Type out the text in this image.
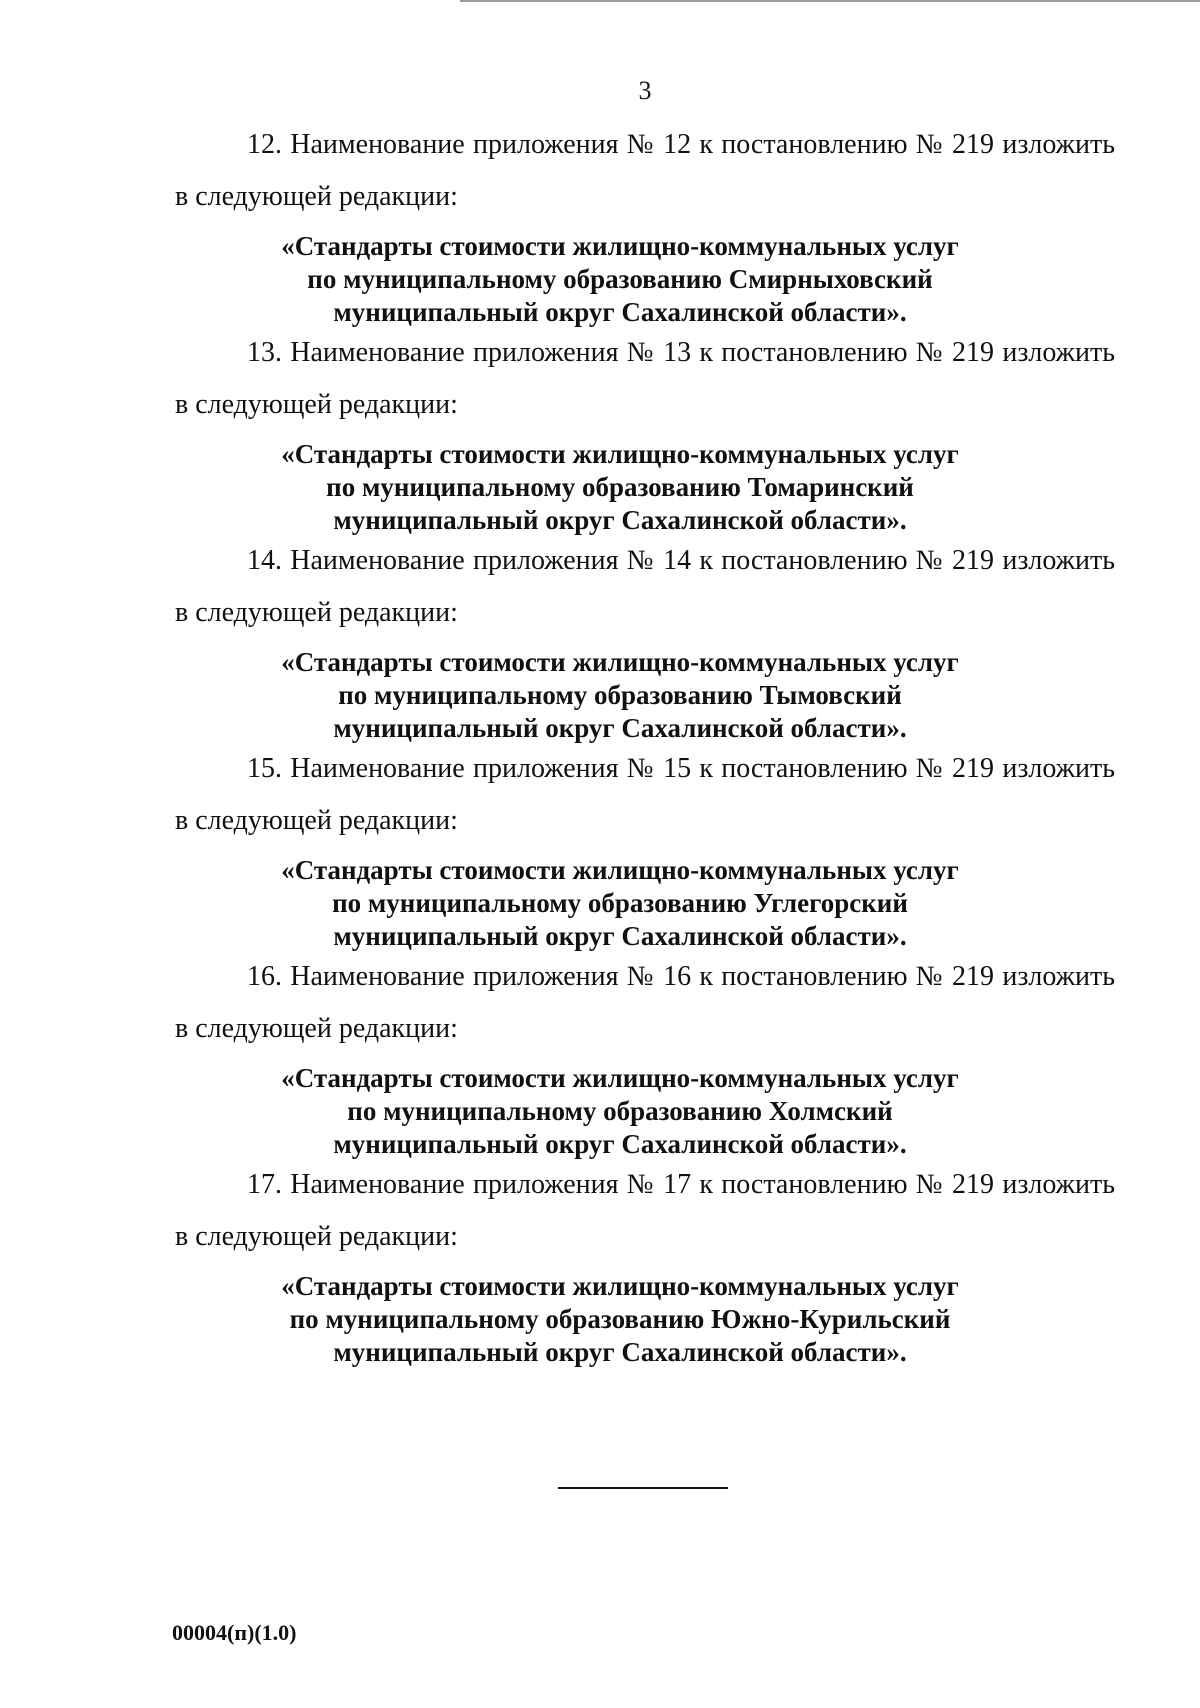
3
12. Наименование приложения № 12 к постановлению № 219 изложить
в следующей редакции:
«Стандарты стоимости жилищно-коммунальных услуг
по муниципальному образованию Смирныховский
муниципальный округ Сахалинской области».
13. Наименование приложения № 13 к постановлению № 219 изложить
в следующей редакции:
«Стандарты стоимости жилищно-коммунальных услуг
по муниципальному образованию Томаринский
муниципальный округ Сахалинской области».
14. Наименование приложения № 14 к постановлению № 219 изложить
в следующей редакции:
«Стандарты стоимости жилищно-коммунальных услуг
по муниципальному образованию Тымовский
муниципальный округ Сахалинской области».
15. Наименование приложения № 15 к постановлению № 219 изложить
в следующей редакции:
«Стандарты стоимости жилищно-коммунальных услуг
по муниципальному образованию Углегорский
муниципальный округ Сахалинской области».
16. Наименование приложения № 16 к постановлению № 219 изложить
в следующей редакции:
«Стандарты стоимости жилищно-коммунальных услуг
по муниципальному образованию Холмский
муниципальный округ Сахалинской области».
17. Наименование приложения № 17 к постановлению № 219 изложить
в следующей редакции:
«Стандарты стоимости жилищно-коммунальных услуг
по муниципальному образованию Южно-Курильский
муниципальный округ Сахалинской области».
00004(п)(1.0)
